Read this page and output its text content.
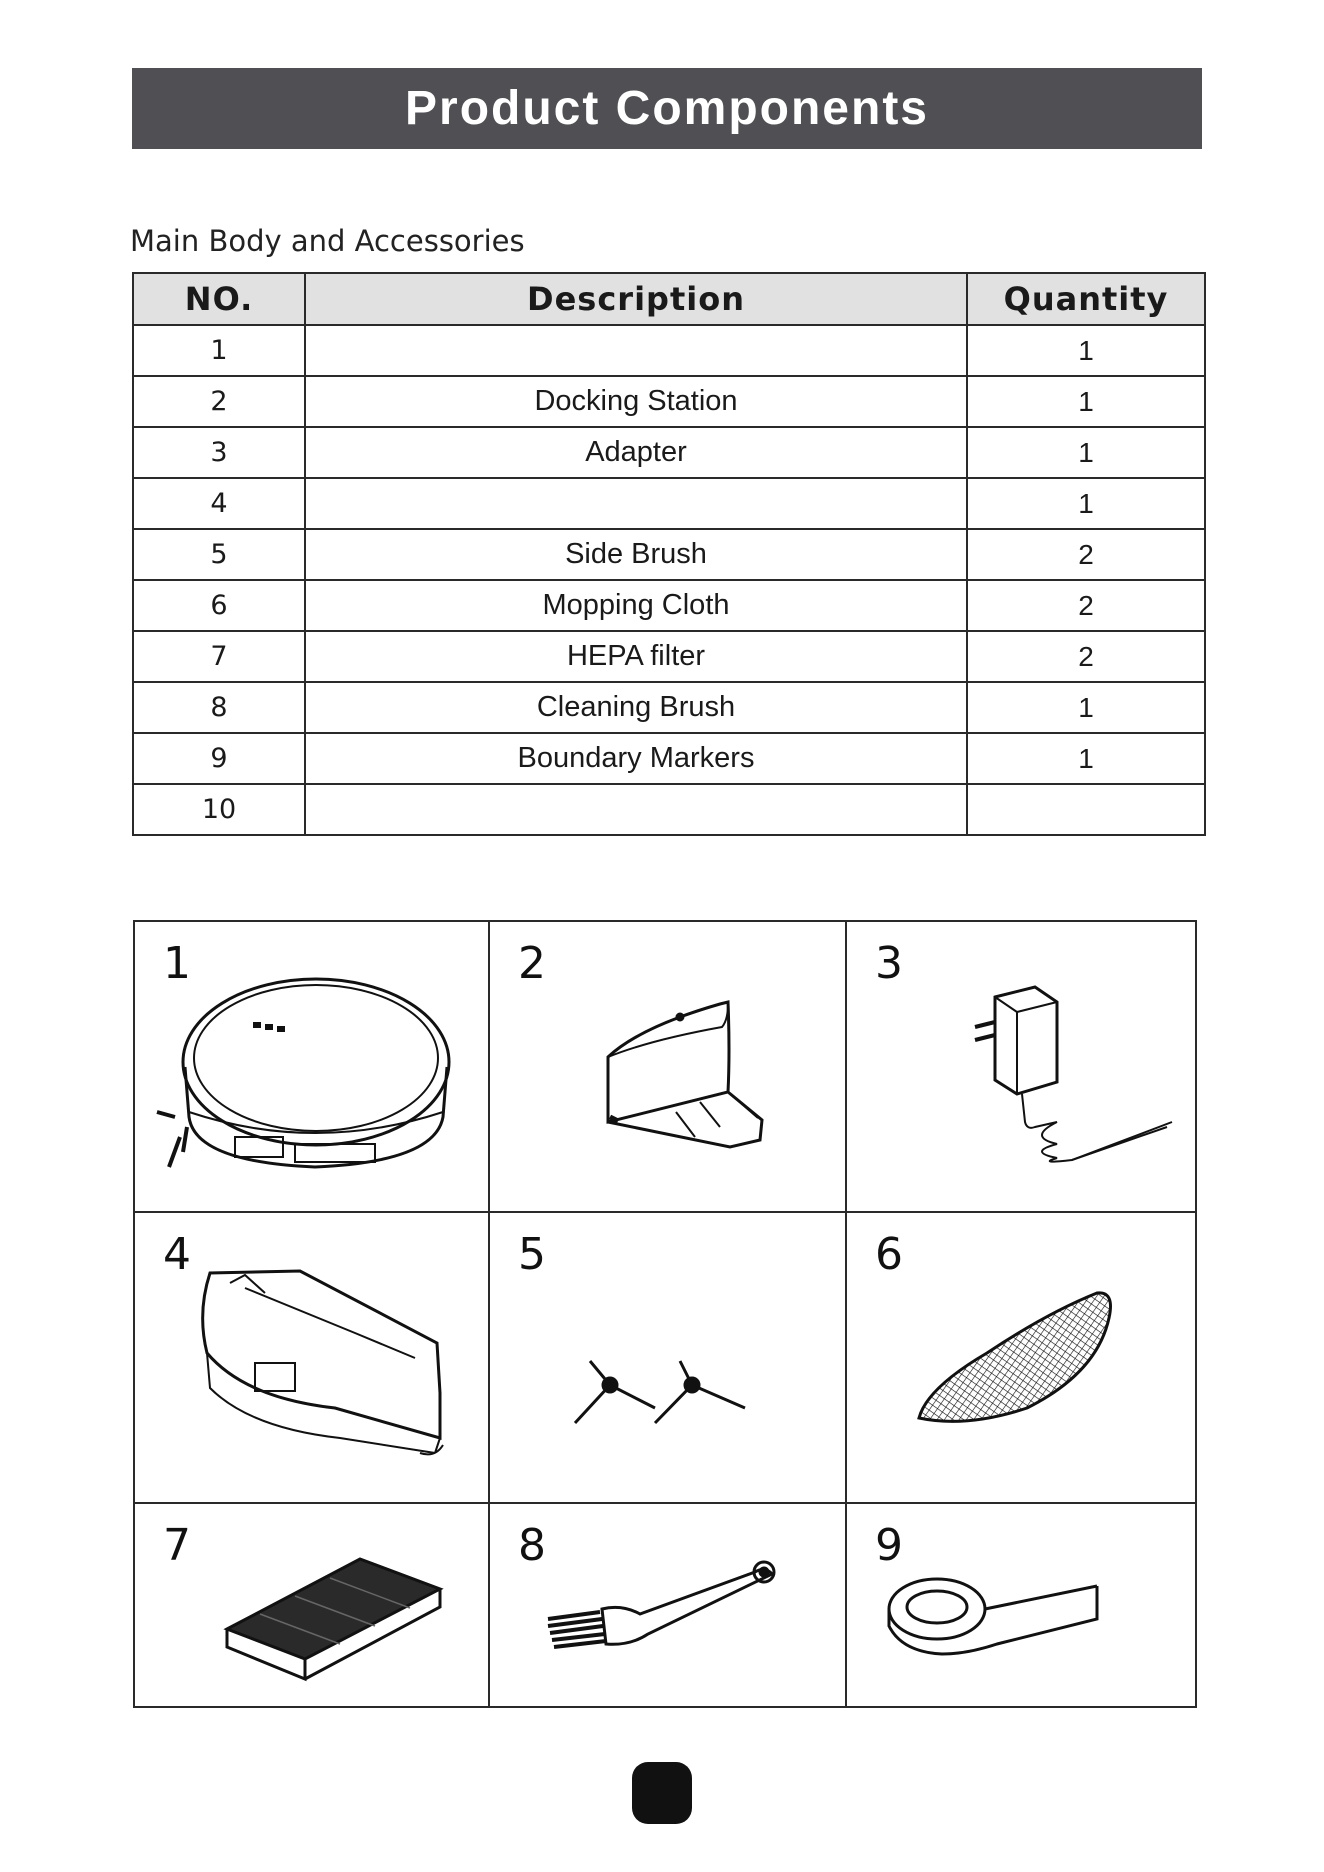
Product Components
Main Body and Accessories
NO.	Description	Quantity
1		1
2	Docking Station	1
3	Adapter	1
4		1
5	Side Brush	2
6	Mopping Cloth	2
7	HEPA filter	2
8	Cleaning Brush	1
9	Boundary Markers	1
10		
1	2	3
4	5	6
7	8	9
